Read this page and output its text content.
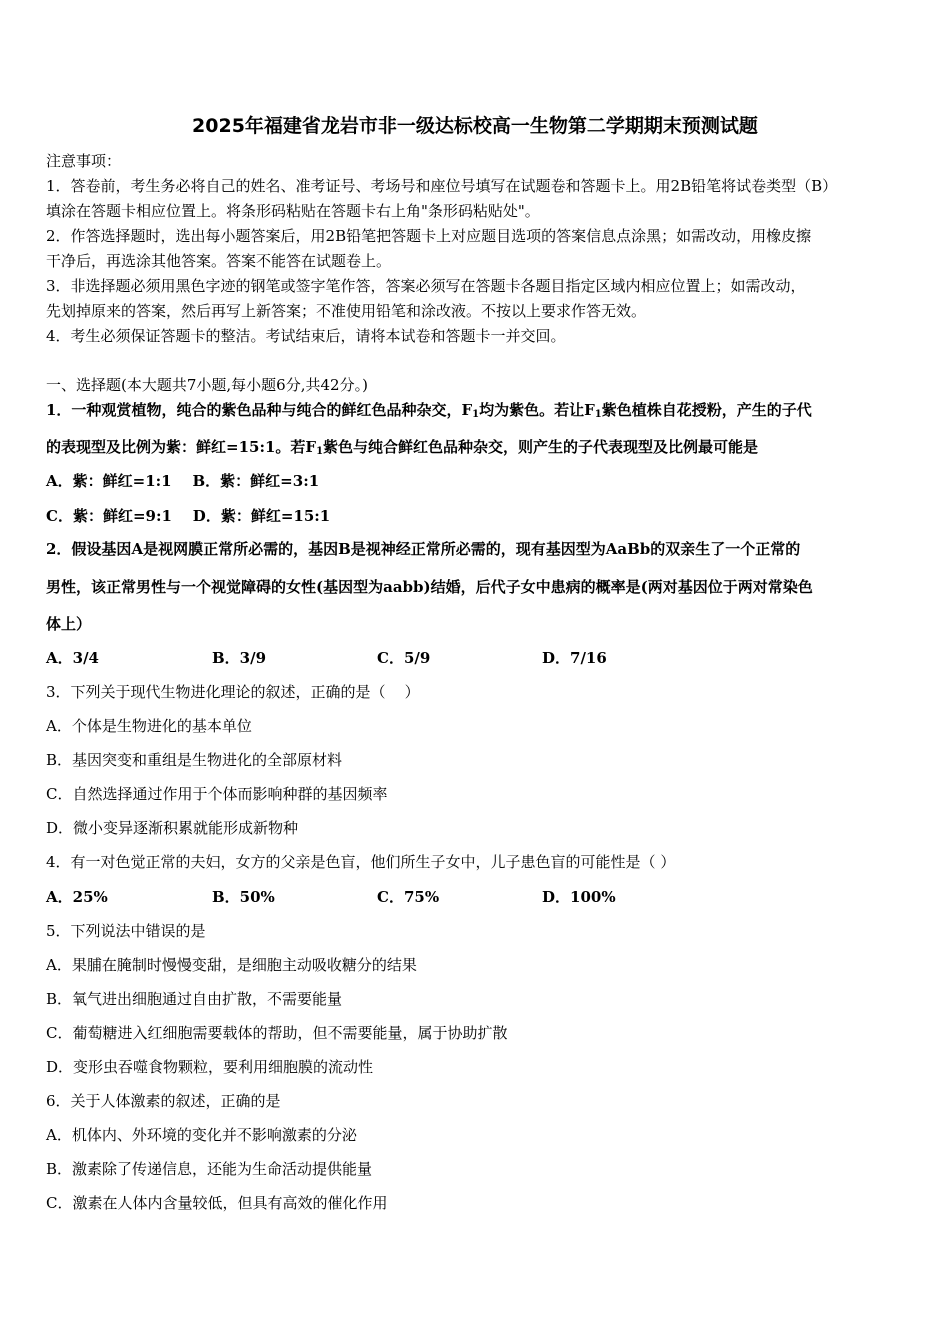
2025年福建省龙岩市非一级达标校高一生物第二学期期末预测试题
注意事项：
1．答卷前，考生务必将自己的姓名、准考证号、考场号和座位号填写在试题卷和答题卡上。用2B铅笔将试卷类型（B）
填涂在答题卡相应位置上。将条形码粘贴在答题卡右上角"条形码粘贴处"。
2．作答选择题时，选出每小题答案后，用2B铅笔把答题卡上对应题目选项的答案信息点涂黑；如需改动，用橡皮擦
干净后，再选涂其他答案。答案不能答在试题卷上。
3．非选择题必须用黑色字迹的钢笔或签字笔作答，答案必须写在答题卡各题目指定区域内相应位置上；如需改动，
先划掉原来的答案，然后再写上新答案；不准使用铅笔和涂改液。不按以上要求作答无效。
4．考生必须保证答题卡的整洁。考试结束后，请将本试卷和答题卡一并交回。
一、选择题(本大题共7小题,每小题6分,共42分。)
1．一种观赏植物，纯合的紫色品种与纯合的鲜红色品种杂交，$F_1$均为紫色。若让$F_1$紫色植株自花授粉，产生的子代
的表现型及比例为紫：鲜红=15:1。若$F_1$紫色与纯合鲜红色品种杂交，则产生的子代表现型及比例最可能是
A．紫：鲜红=1:1    B．紫：鲜红=3:1
C．紫：鲜红=9:1    D．紫：鲜红=15:1
2．假设基因A是视网膜正常所必需的，基因B是视神经正常所必需的，现有基因型为AaBb的双亲生了一个正常的
男性，该正常男性与一个视觉障碍的女性(基因型为aabb)结婚，后代子女中患病的概率是(两对基因位于两对常染色
体上）
A．3/4	B．3/9	C．5/9	D．7/16
3．下列关于现代生物进化理论的叙述，正确的是（    ）
A．个体是生物进化的基本单位
B．基因突变和重组是生物进化的全部原材料
C．自然选择通过作用于个体而影响种群的基因频率
D．微小变异逐渐积累就能形成新物种
4．有一对色觉正常的夫妇，女方的父亲是色盲，他们所生子女中，儿子患色盲的可能性是（ ）
A．25%	B．50%	C．75%	D．100%
5．下列说法中错误的是
A．果脯在腌制时慢慢变甜，是细胞主动吸收糖分的结果
B．氧气进出细胞通过自由扩散，不需要能量
C．葡萄糖进入红细胞需要载体的帮助，但不需要能量，属于协助扩散
D．变形虫吞噬食物颗粒，要利用细胞膜的流动性
6．关于人体激素的叙述，正确的是
A．机体内、外环境的变化并不影响激素的分泌
B．激素除了传递信息，还能为生命活动提供能量
C．激素在人体内含量较低，但具有高效的催化作用
